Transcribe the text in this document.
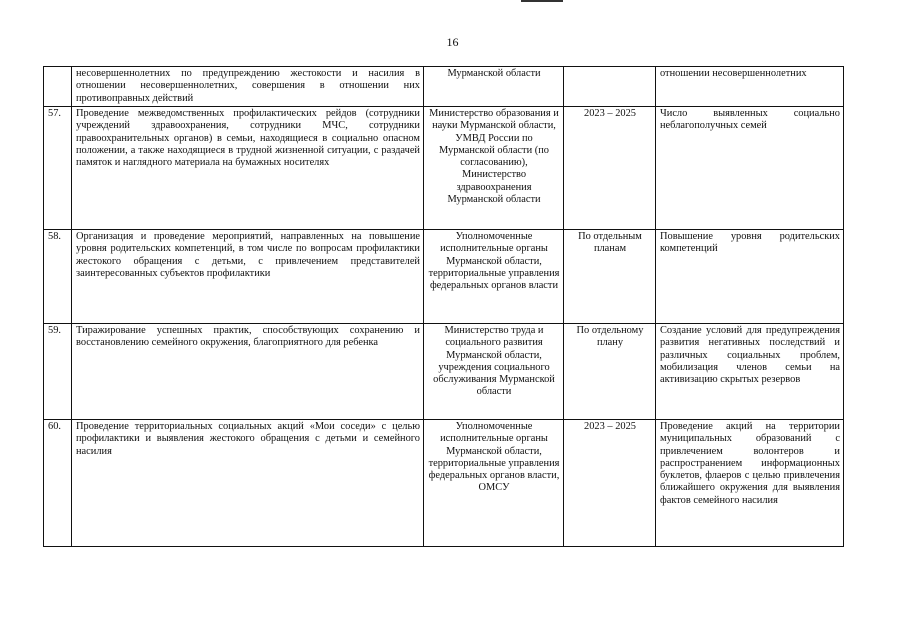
16
	несовершеннолетних по предупреждению жестокости и насилия в отношении несовершеннолетних, совершения в отношении них противоправных действий	Мурманской области		отношении несовершеннолетних
57.	Проведение межведомственных профилактических рейдов (сотрудники учреждений здравоохранения, сотрудники МЧС, сотрудники правоохранительных органов) в семьи, находящиеся в социально опасном положении, а также находящиеся в трудной жизненной ситуации, с раздачей памяток и наглядного материала на бумажных носителях	Министерство образования и науки Мурманской области, УМВД России по Мурманской области (по согласованию), Министерство здравоохранения Мурманской области	2023 – 2025	Число выявленных социально неблагополучных семей
58.	Организация и проведение мероприятий, направленных на повышение уровня родительских компетенций, в том числе по вопросам профилактики жестокого обращения с детьми, с привлечением представителей заинтересованных субъектов профилактики	Уполномоченные исполнительные органы Мурманской области, территориальные управления федеральных органов власти	По отдельным планам	Повышение уровня родительских компетенций
59.	Тиражирование успешных практик, способствующих сохранению и восстановлению семейного окружения, благоприятного для ребенка	Министерство труда и социального развития Мурманской области, учреждения социального обслуживания Мурманской области	По отдельному плану	Создание условий для предупреждения развития негативных последствий и различных социальных проблем, мобилизация членов семьи на активизацию скрытых резервов
60.	Проведение территориальных социальных акций «Мои соседи» с целью профилактики и выявления жестокого обращения с детьми и семейного насилия	Уполномоченные исполнительные органы Мурманской области, территориальные управления федеральных органов власти, ОМСУ	2023 – 2025	Проведение акций на территории муниципальных образований с привлечением волонтеров и распространением информационных буклетов, флаеров с целью привлечения ближайшего окружения для выявления фактов семейного насилия
